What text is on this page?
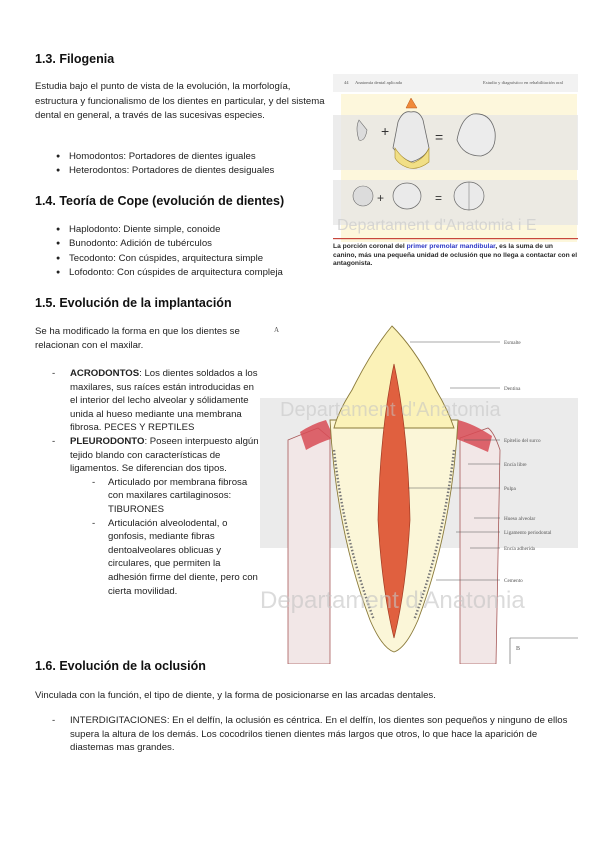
1.3. Filogenia

Estudia bajo el punto de vista de la evolución, la morfología, estructura y funcionalismo de los dientes en particular, y del sistema dental en general, a través de las sucesivas especies.

● Homodontos: Portadores de dientes iguales
● Heterodontos: Portadores de dientes desiguales
1.4. Teoría de Cope (evolución de dientes)
● Haplodonto: Diente simple, conoide
● Bunodonto: Adición de tubérculos
● Tecodonto: Con cúspides, arquitectura simple
● Lofodonto: Con cúspides de arquitectura compleja
44 Anatomía dental aplicada	Estudio y diagnóstico en rehabilitación oral
+	=
+	=
Departament d'Anatomia i E
La porción coronal del primer premolar mandibular, es la suma de un canino, más una pequeña unidad de oclusión que no llega a contactar con el antagonista.
1.5. Evolución de la implantación

Se ha modificado la forma en que los dientes se relacionan con el maxilar.

- ACRODONTOS: Los dientes soldados a los maxilares, sus raíces están introducidas en el interior del lecho alveolar y sólidamente unida al hueso mediante una membrana fibrosa. PECES Y REPTILES
- PLEURODONTO: Poseen interpuesto algún tejido blando con características de ligamentos. Se diferencian dos tipos.
- Articulado por membrana fibrosa con maxilares cartilaginosos: TIBURONES
- Articulación alveolodental, o gonfosis, mediante fibras dentoalveolares oblicuas y circulares, que permiten la adhesión firme del diente, pero con cierta movilidad.
A
Esmalte
Dentina
Epitelio del surco
Encía libre
Pulpa
Hueso alveolar
Ligamento periodontal
Encía adherida
Cemento
Departament d'Anatomia
Departament d'Anatomia
B
1.6. Evolución de la oclusión

Vinculada con la función, el tipo de diente, y la forma de posicionarse en las arcadas dentales.

- INTERDIGITACIONES: En el delfín, la oclusión es céntrica. En el delfín, los dientes son pequeños y ninguno de ellos supera la altura de los demás. Los cocodrilos tienen dientes más largos que otros, lo que hace la aparición de diastemas mas grandes.
